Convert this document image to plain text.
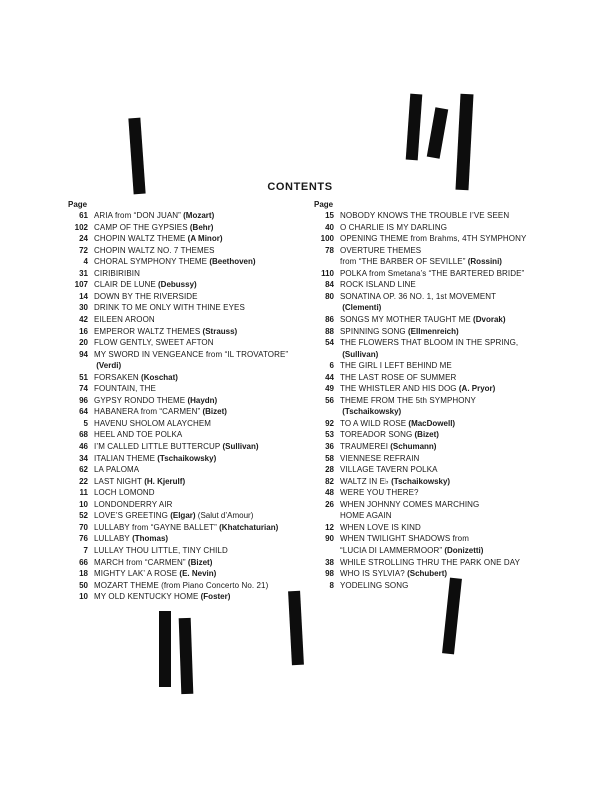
CONTENTS
Page
61 ARIA from “DON JUAN” (Mozart)
102 CAMP OF THE GYPSIES (Behr)
24 CHOPIN WALTZ THEME (A Minor)
72 CHOPIN WALTZ NO. 7 THEMES
4 CHORAL SYMPHONY THEME (Beethoven)
31 CIRIBIRIBIN
107 CLAIR DE LUNE (Debussy)
14 DOWN BY THE RIVERSIDE
30 DRINK TO ME ONLY WITH THINE EYES
42 EILEEN AROON
16 EMPEROR WALTZ THEMES (Strauss)
20 FLOW GENTLY, SWEET AFTON
94 MY SWORD IN VENGEANCE from “IL TROVATORE”
(Verdi)
51 FORSAKEN (Koschat)
74 FOUNTAIN, THE
96 GYPSY RONDO THEME (Haydn)
64 HABANERA from “CARMEN” (Bizet)
5 HAVENU SHOLOM ALAYCHEM
68 HEEL AND TOE POLKA
46 I’M CALLED LITTLE BUTTERCUP (Sullivan)
34 ITALIAN THEME (Tschaikowsky)
62 LA PALOMA
22 LAST NIGHT (H. Kjerulf)
11 LOCH LOMOND
10 LONDONDERRY AIR
52 LOVE’S GREETING (Elgar) (Salut d’Amour)
70 LULLABY from “GAYNE BALLET” (Khatchaturian)
76 LULLABY (Thomas)
7 LULLAY THOU LITTLE, TINY CHILD
66 MARCH from “CARMEN” (Bizet)
18 MIGHTY LAK’ A ROSE (E. Nevin)
50 MOZART THEME (from Piano Concerto No. 21)
10 MY OLD KENTUCKY HOME (Foster)
Page
15 NOBODY KNOWS THE TROUBLE I’VE SEEN
40 O CHARLIE IS MY DARLING
100 OPENING THEME from Brahms, 4TH SYMPHONY
78 OVERTURE THEMES
from “THE BARBER OF SEVILLE” (Rossini)
110 POLKA from Smetana’s “THE BARTERED BRIDE”
84 ROCK ISLAND LINE
80 SONATINA OP. 36 NO. 1, 1st MOVEMENT
(Clementi)
86 SONGS MY MOTHER TAUGHT ME (Dvorak)
88 SPINNING SONG (Ellmenreich)
54 THE FLOWERS THAT BLOOM IN THE SPRING,
(Sullivan)
6 THE GIRL I LEFT BEHIND ME
44 THE LAST ROSE OF SUMMER
49 THE WHISTLER AND HIS DOG (A. Pryor)
56 THEME FROM THE 5th SYMPHONY
(Tschaikowsky)
92 TO A WILD ROSE (MacDowell)
53 TOREADOR SONG (Bizet)
36 TRAUMEREI (Schumann)
58 VIENNESE REFRAIN
28 VILLAGE TAVERN POLKA
82 WALTZ IN E♭ (Tschaikowsky)
48 WERE YOU THERE?
26 WHEN JOHNNY COMES MARCHING
HOME AGAIN
12 WHEN LOVE IS KIND
90 WHEN TWILIGHT SHADOWS from
“LUCIA DI LAMMERMOOR” (Donizetti)
38 WHILE STROLLING THRU THE PARK ONE DAY
98 WHO IS SYLVIA? (Schubert)
8 YODELING SONG
